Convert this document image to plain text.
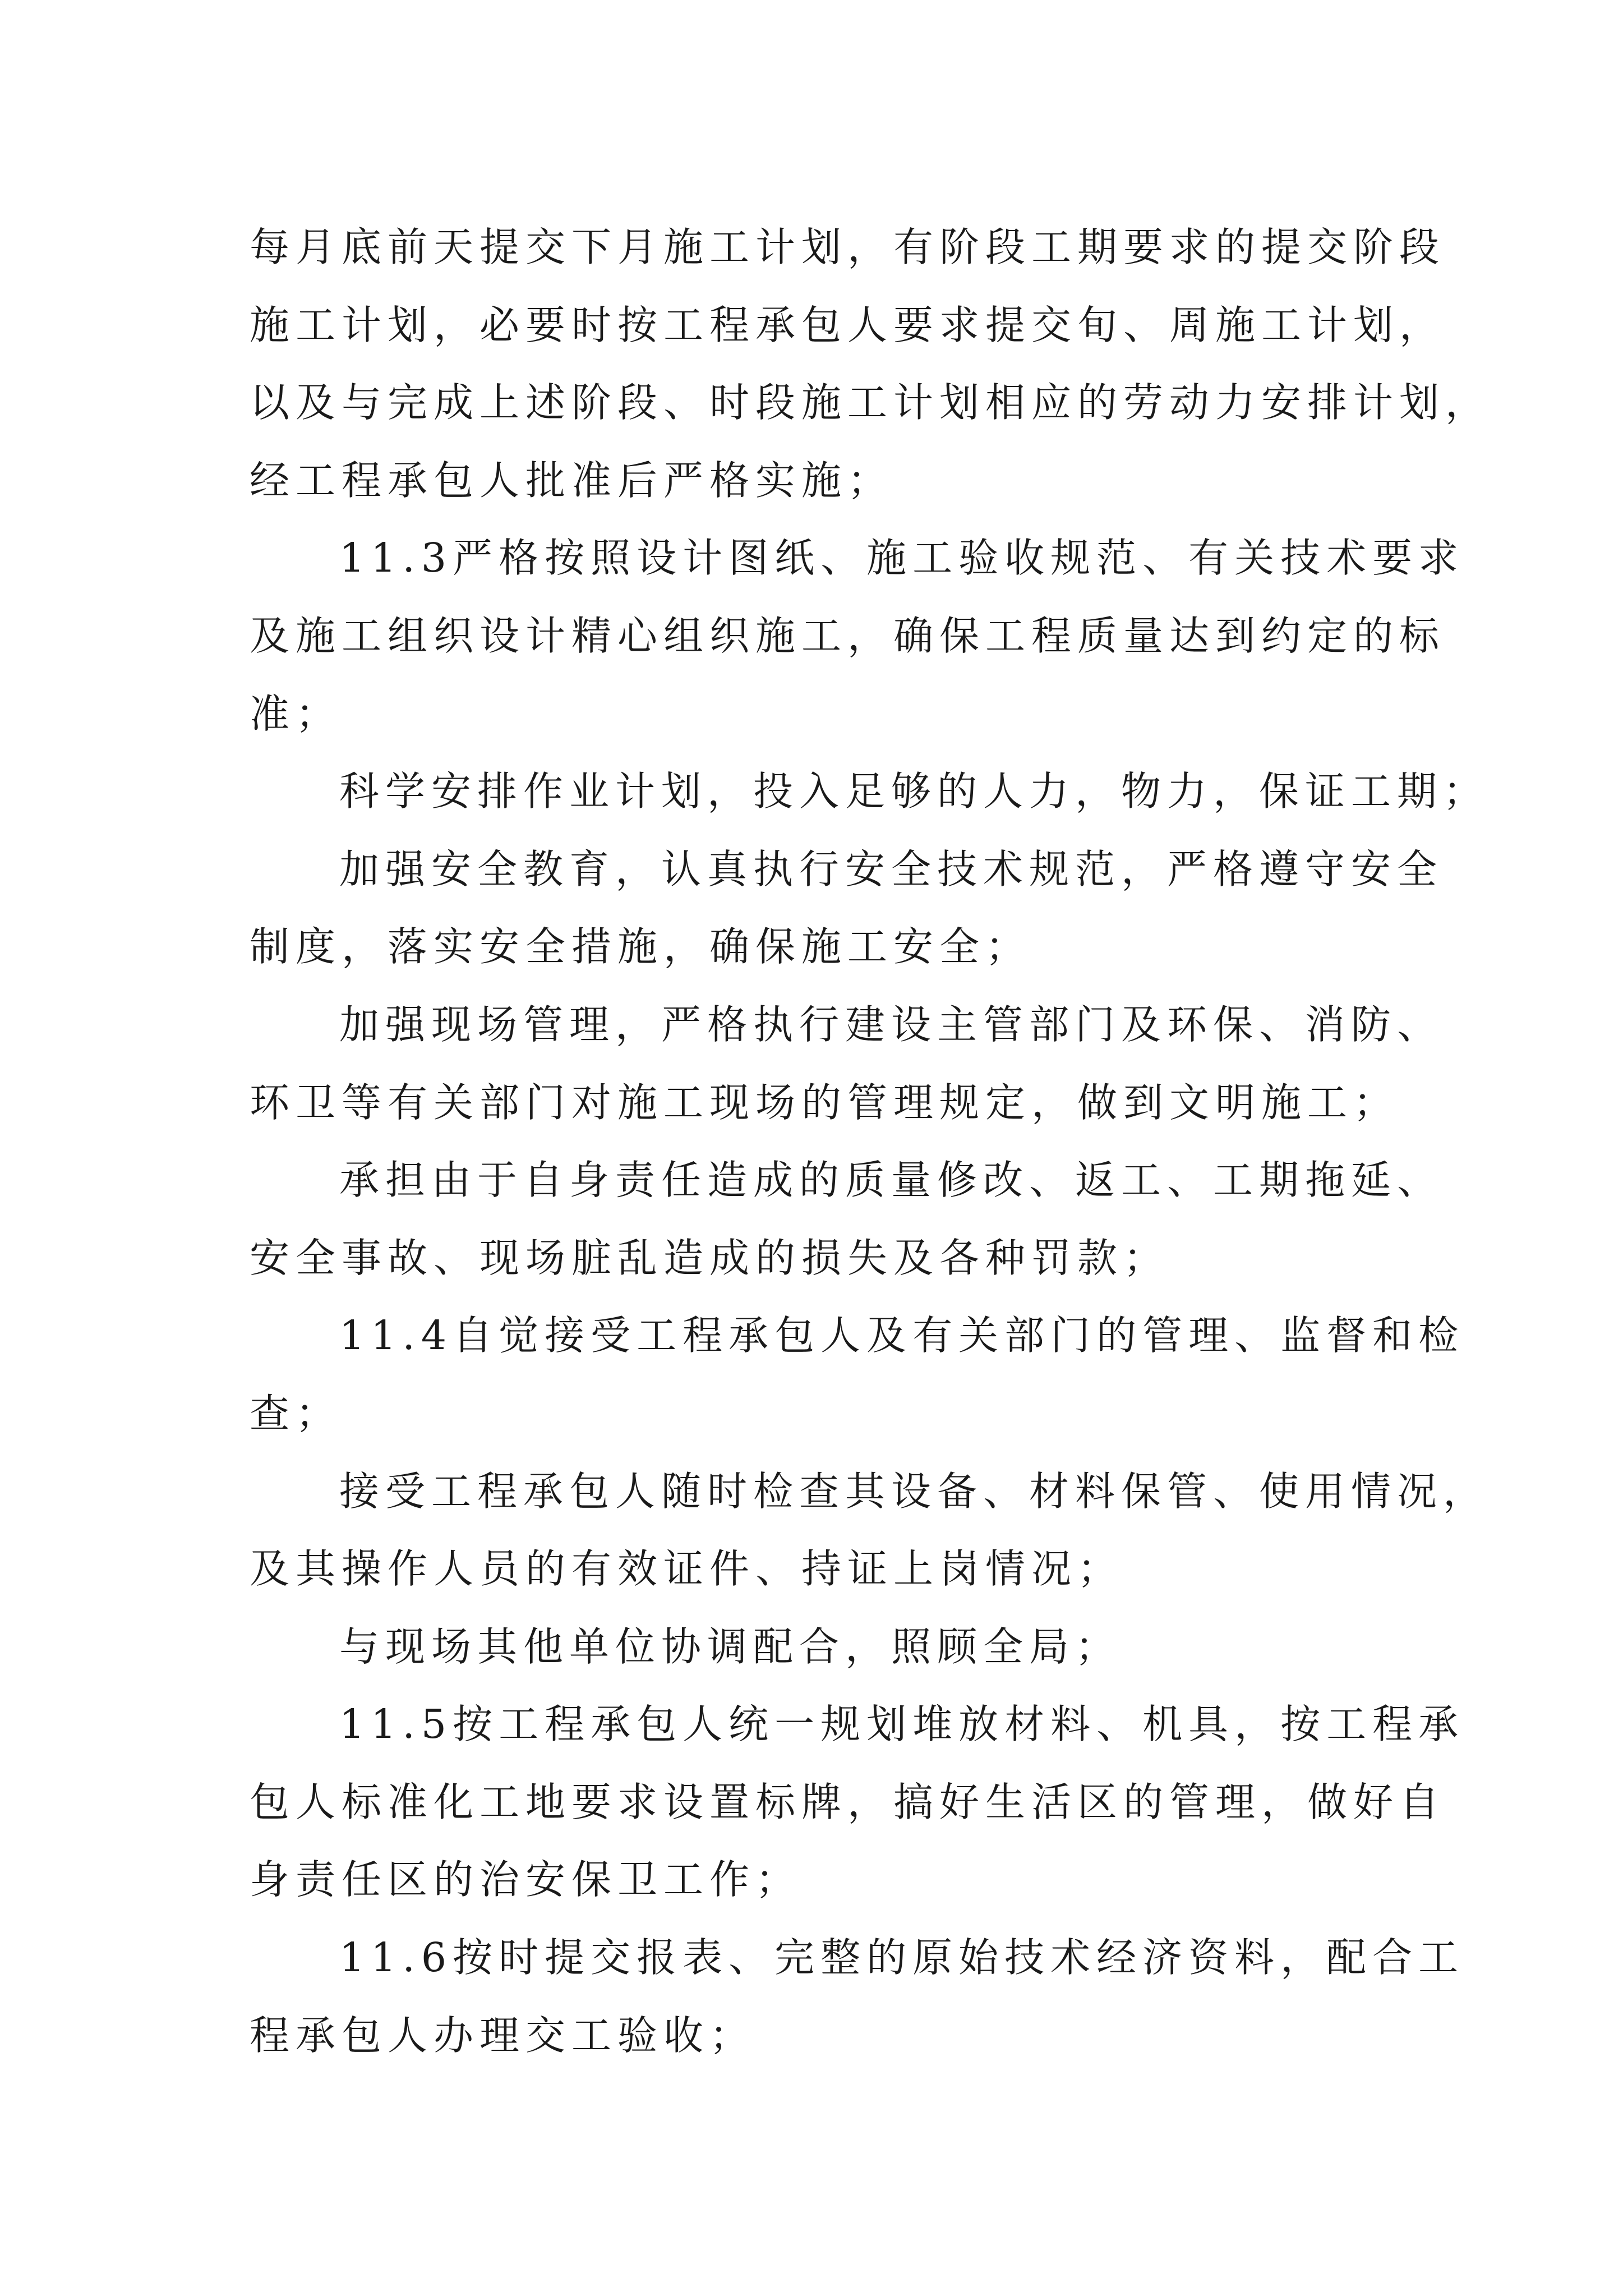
每月底前天提交下月施工计划，有阶段工期要求的提交阶段
施工计划，必要时按工程承包人要求提交旬、周施工计划，
以及与完成上述阶段、时段施工计划相应的劳动力安排计划，
经工程承包人批准后严格实施；
11.3严格按照设计图纸、施工验收规范、有关技术要求
及施工组织设计精心组织施工，确保工程质量达到约定的标
准；
科学安排作业计划，投入足够的人力，物力，保证工期；
加强安全教育，认真执行安全技术规范，严格遵守安全
制度，落实安全措施，确保施工安全；
加强现场管理，严格执行建设主管部门及环保、消防、
环卫等有关部门对施工现场的管理规定，做到文明施工；
承担由于自身责任造成的质量修改、返工、工期拖延、
安全事故、现场脏乱造成的损失及各种罚款；
11.4自觉接受工程承包人及有关部门的管理、监督和检
查；
接受工程承包人随时检查其设备、材料保管、使用情况，
及其操作人员的有效证件、持证上岗情况；
与现场其他单位协调配合，照顾全局；
11.5按工程承包人统一规划堆放材料、机具，按工程承
包人标准化工地要求设置标牌，搞好生活区的管理，做好自
身责任区的治安保卫工作；
11.6按时提交报表、完整的原始技术经济资料，配合工
程承包人办理交工验收；
